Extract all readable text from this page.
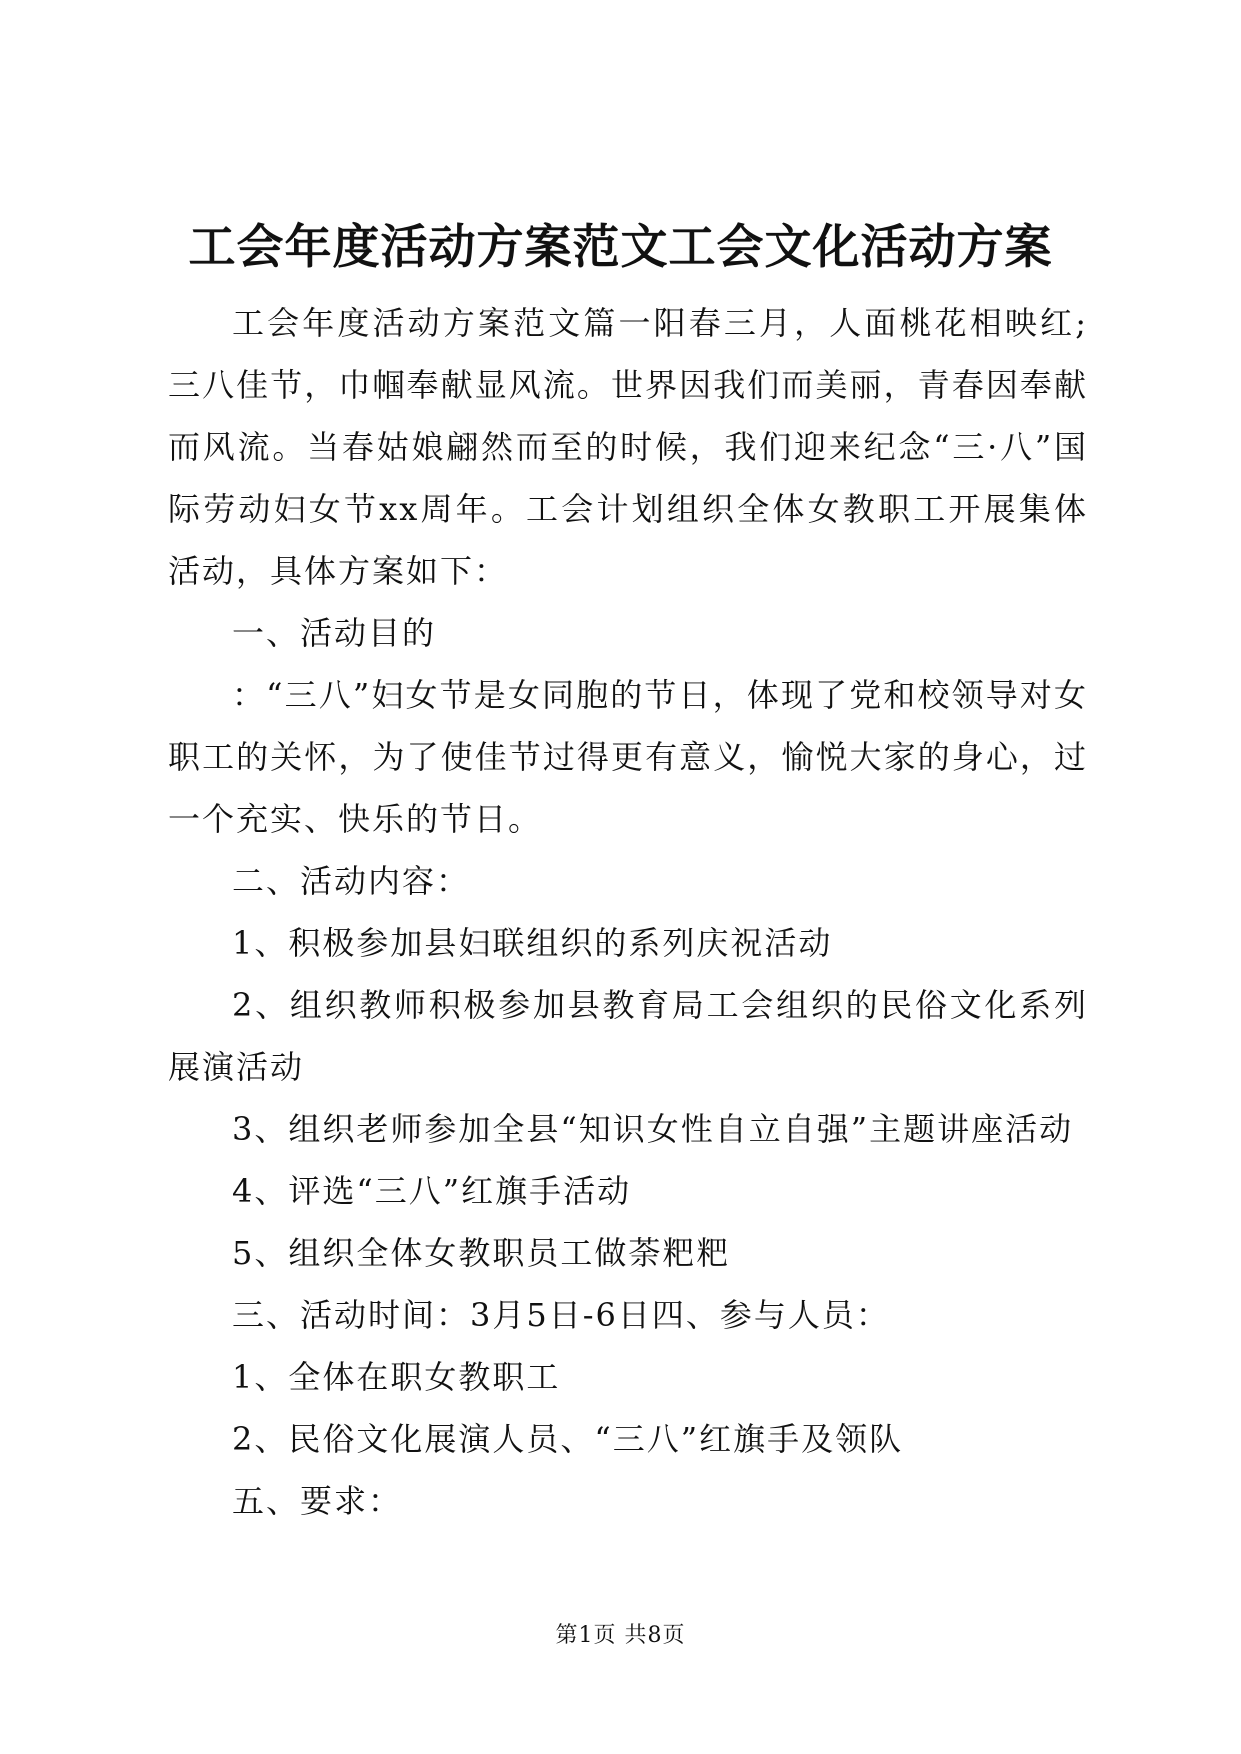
工会年度活动方案范文工会文化活动方案

工会年度活动方案范文篇一阳春三月，人面桃花相映红;三八佳节，巾帼奉献显风流。世界因我们而美丽，青春因奉献而风流。当春姑娘翩然而至的时候，我们迎来纪念“三·八”国际劳动妇女节xx周年。工会计划组织全体女教职工开展集体活动，具体方案如下：

一、活动目的

：“三八”妇女节是女同胞的节日，体现了党和校领导对女职工的关怀，为了使佳节过得更有意义，愉悦大家的身心，过一个充实、快乐的节日。

二、活动内容：

1、积极参加县妇联组织的系列庆祝活动

2、组织教师积极参加县教育局工会组织的民俗文化系列展演活动

3、组织老师参加全县“知识女性自立自强”主题讲座活动

4、评选“三八”红旗手活动

5、组织全体女教职员工做荼粑粑

三、活动时间：3月5日-6日四、参与人员：

1、全体在职女教职工

2、民俗文化展演人员、“三八”红旗手及领队

五、要求：

第1页 共8页
